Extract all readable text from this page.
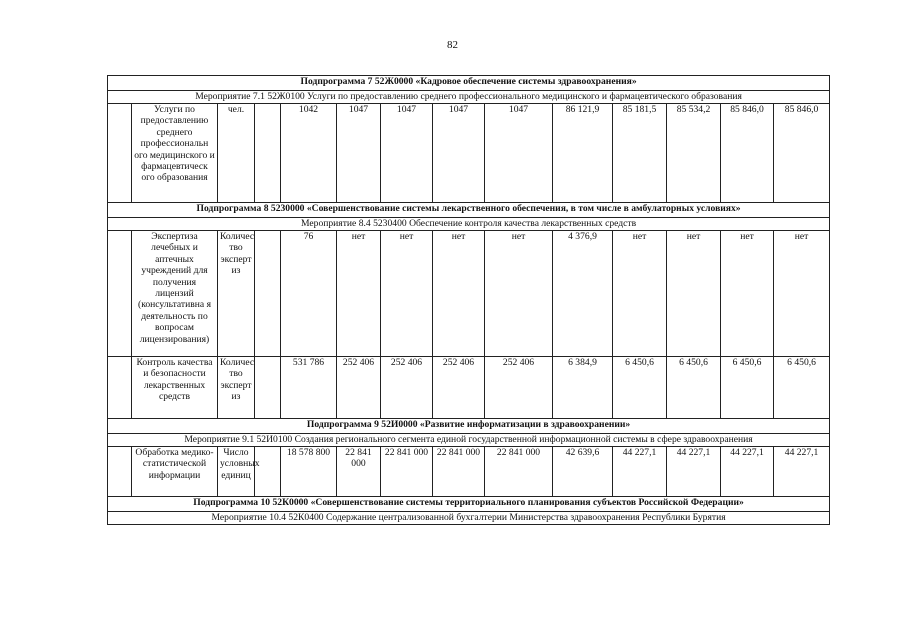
82
Подпрограмма 7 52Ж0000 «Кадровое обеспечение системы здравоохранения»													
Мероприятие 7.1 52Ж0100 Услуги по предоставлению среднего профессионального медицинского и фармацевтического образования													
	Услуги по предоставлению среднего профессиональн ого медицинского и фармацевтическ ого образования	чел.		1042	1047	1047	1047	1047	86 121,9	85 181,5	85 534,2	85 846,0	85 846,0
Подпрограмма 8 5230000 «Совершенствование системы лекарственного обеспечения, в том числе в амбулаторных условиях»													
Мероприятие 8.4 5230400 Обеспечение контроля качества лекарственных средств													
	Экспертиза лечебных и аптечных учреждений для получения лицензий (консультативна я деятельность по вопросам лицензирования)	Количес тво эксперт из		76	нет	нет	нет	нет	4 376,9	нет	нет	нет	нет
	Контроль качества и безопасности лекарственных средств	Количес тво эксперт из		531 786	252 406	252 406	252 406	252 406	6 384,9	6 450,6	6 450,6	6 450,6	6 450,6
Подпрограмма 9 52И0000 «Развитие информатизации в здравоохранении»													
Мероприятие 9.1 52И0100 Создания регионального сегмента единой государственной информационной системы в сфере здравоохранения													
	Обработка медико- статистической информации	Число условных единиц		18 578 800	22 841 000	22 841 000	22 841 000	22 841 000	42 639,6	44 227,1	44 227,1	44 227,1	44 227,1
Подпрограмма 10 52К0000 «Совершенствование системы территориального планирования субъектов Российской Федерации»													
Мероприятие 10.4 52К0400 Содержание централизованной бухгалтерии Министерства здравоохранения Республики Бурятия													
